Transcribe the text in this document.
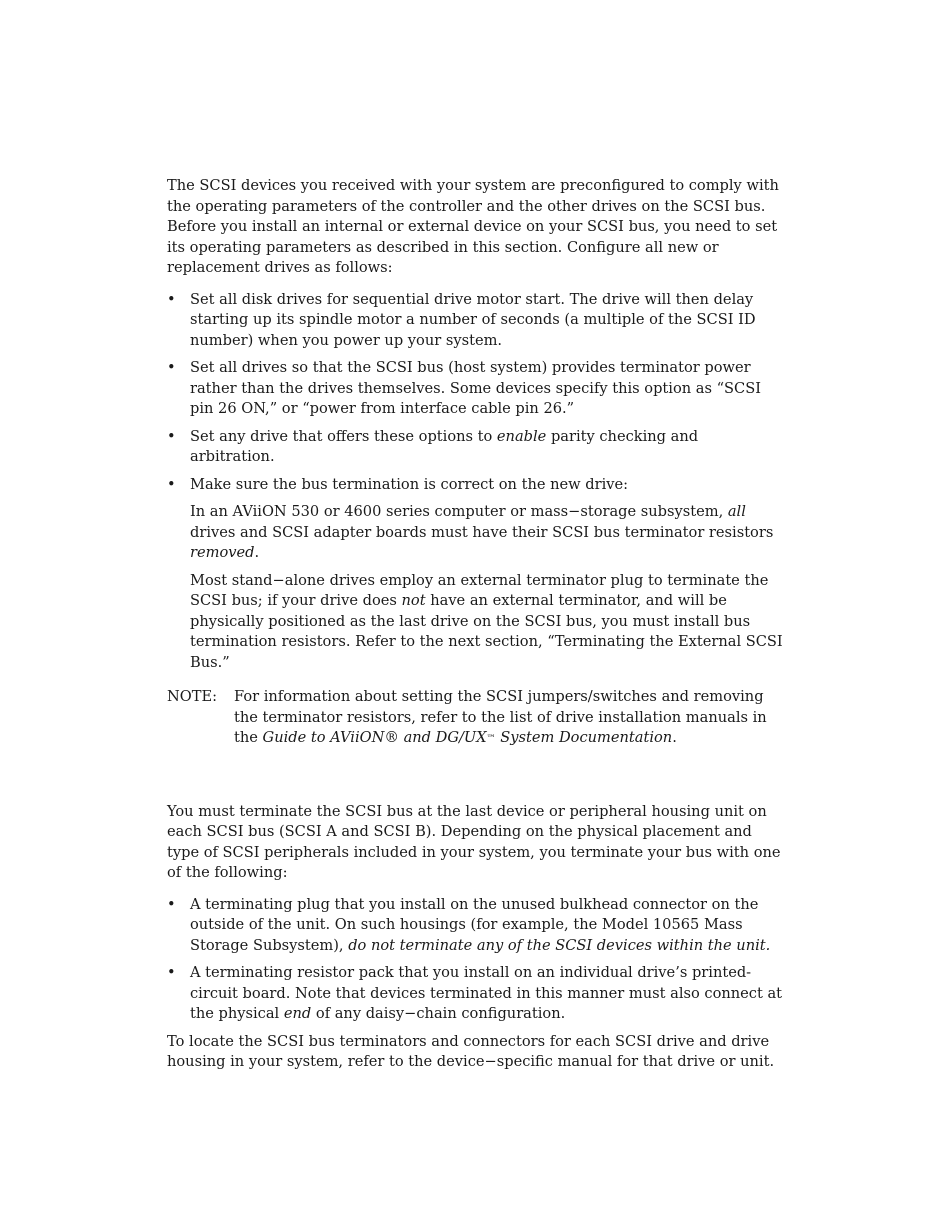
The SCSI devices you received with your system are preconfigured to comply with the operating parameters of the controller and the other drives on the SCSI bus. Before you install an internal or external device on your SCSI bus, you need to set its operating parameters as described in this section. Configure all new or replacement drives as follows:

• Set all disk drives for sequential drive motor start. The drive will then delay starting up its spindle motor a number of seconds (a multiple of the SCSI ID number) when you power up your system.
• Set all drives so that the SCSI bus (host system) provides terminator power rather than the drives themselves. Some devices specify this option as “SCSI pin 26 ON,” or “power from interface cable pin 26.”
• Set any drive that offers these options to enable parity checking and arbitration.
• Make sure the bus termination is correct on the new drive:

In an AViiON 530 or 4600 series computer or mass−storage subsystem, all drives and SCSI adapter boards must have their SCSI bus terminator resistors removed.

Most stand−alone drives employ an external terminator plug to terminate the SCSI bus; if your drive does not have an external terminator, and will be physically positioned as the last drive on the SCSI bus, you must install bus termination resistors. Refer to the next section, “Terminating the External SCSI Bus.”

NOTE:	For information about setting the SCSI jumpers/switches and removing the terminator resistors, refer to the list of drive installation manuals in the Guide to AViiON® and DG/UX™ System Documentation.

You must terminate the SCSI bus at the last device or peripheral housing unit on each SCSI bus (SCSI A and SCSI B). Depending on the physical placement and type of SCSI peripherals included in your system, you terminate your bus with one of the following:

• A terminating plug that you install on the unused bulkhead connector on the outside of the unit. On such housings (for example, the Model 10565 Mass Storage Subsystem), do not terminate any of the SCSI devices within the unit.
• A terminating resistor pack that you install on an individual drive’s printed-circuit board. Note that devices terminated in this manner must also connect at the physical end of any daisy−chain configuration.

To locate the SCSI bus terminators and connectors for each SCSI drive and drive housing in your system, refer to the device−specific manual for that drive or unit.
